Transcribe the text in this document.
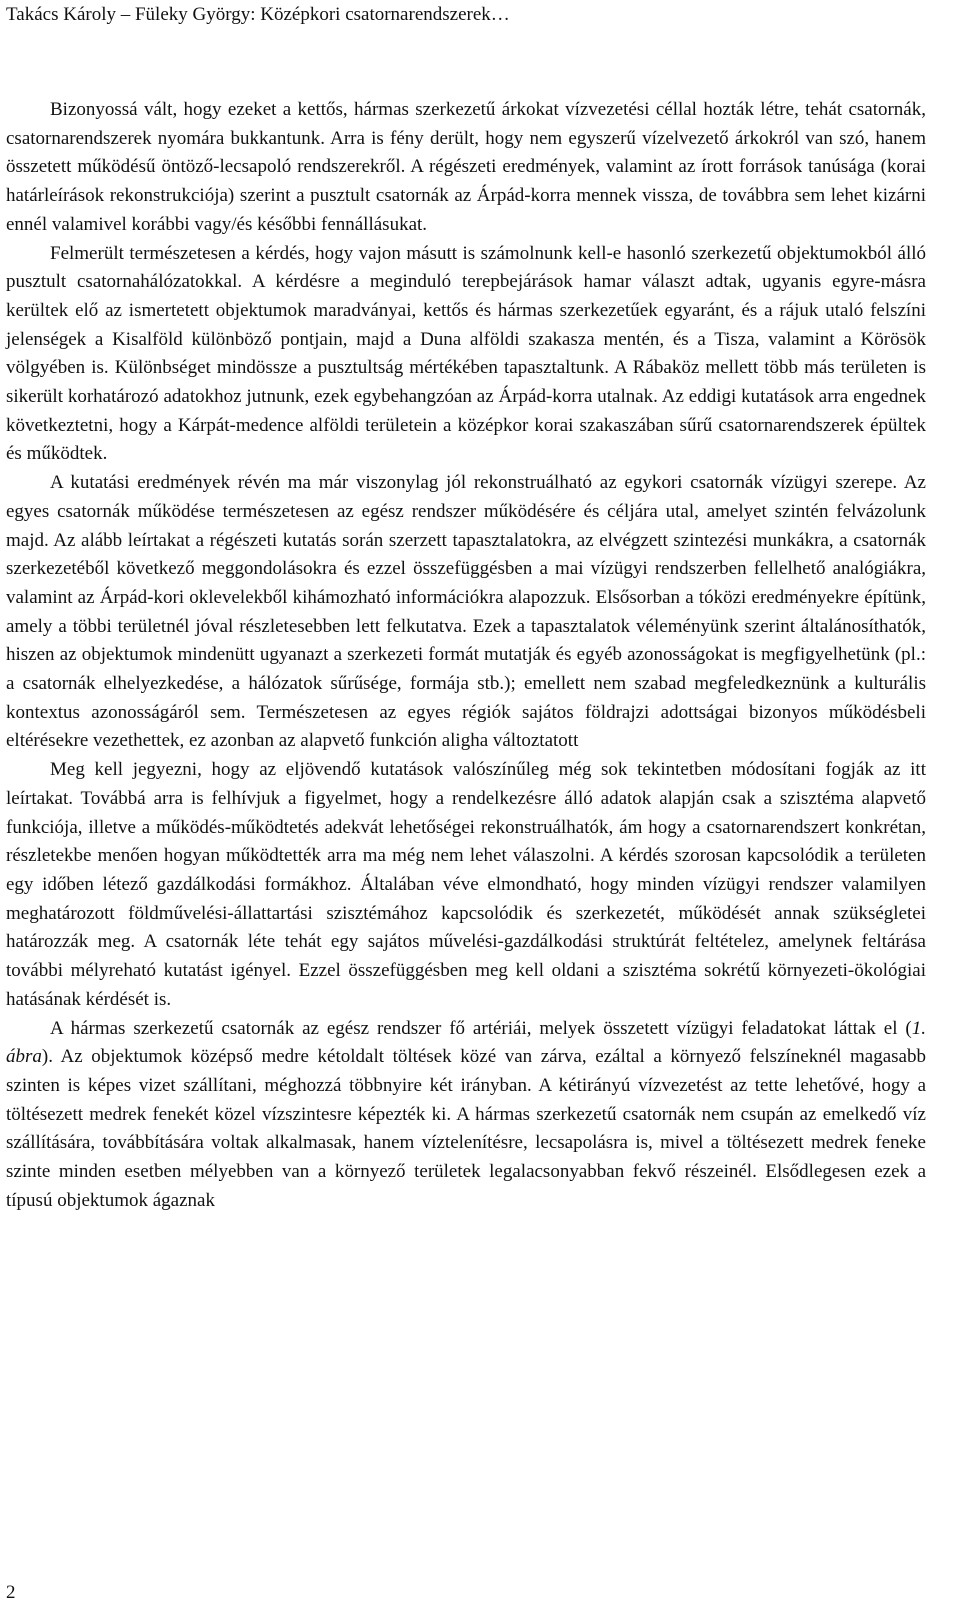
Takács Károly – Füleky György: Középkori csatornarendszerek…

Bizonyossá vált, hogy ezeket a kettős, hármas szerkezetű árkokat vízvezetési céllal hozták létre, tehát csatornák, csatornarendszerek nyomára bukkantunk. Arra is fény derült, hogy nem egyszerű vízelvezető árkokról van szó, hanem összetett működésű öntöző-lecsapoló rendszerekről. A régészeti eredmények, valamint az írott források tanúsága (korai határleírások rekonstrukciója) szerint a pusztult csatornák az Árpád-korra mennek vissza, de továbbra sem lehet kizárni ennél valamivel korábbi vagy/és későbbi fennállásukat.

Felmerült természetesen a kérdés, hogy vajon másutt is számolnunk kell-e hasonló szerkezetű objektumokból álló pusztult csatornahálózatokkal. A kérdésre a meginduló terepbejárások hamar választ adtak, ugyanis egyre-másra kerültek elő az ismertetett objektumok maradványai, kettős és hármas szerkezetűek egyaránt, és a rájuk utaló felszíni jelenségek a Kisalföld különböző pontjain, majd a Duna alföldi szakasza mentén, és a Tisza, valamint a Körösök völgyében is. Különbséget mindössze a pusztultság mértékében tapasztaltunk. A Rábaköz mellett több más területen is sikerült korhatározó adatokhoz jutnunk, ezek egybehangzóan az Árpád-korra utalnak. Az eddigi kutatások arra engednek következtetni, hogy a Kárpát-medence alföldi területein a középkor korai szakaszában sűrű csatornarendszerek épültek és működtek.

A kutatási eredmények révén ma már viszonylag jól rekonstruálható az egykori csatornák vízügyi szerepe. Az egyes csatornák működése természetesen az egész rendszer működésére és céljára utal, amelyet szintén felvázolunk majd. Az alább leírtakat a régészeti kutatás során szerzett tapasztalatokra, az elvégzett szintezési munkákra, a csatornák szerkezetéből következő meggondolásokra és ezzel összefüggésben a mai vízügyi rendszerben fellelhető analógiákra, valamint az Árpád-kori oklevelekből kihámozható információkra alapozzuk. Elsősorban a tóközi eredményekre építünk, amely a többi területnél jóval részletesebben lett felkutatva. Ezek a tapasztalatok véleményünk szerint általánosíthatók, hiszen az objektumok mindenütt ugyanazt a szerkezeti formát mutatják és egyéb azonosságokat is megfigyelhetünk (pl.: a csatornák elhelyezkedése, a hálózatok sűrűsége, formája stb.); emellett nem szabad megfeledkeznünk a kulturális kontextus azonosságáról sem. Természetesen az egyes régiók sajátos földrajzi adottságai bizonyos működésbeli eltérésekre vezethettek, ez azonban az alapvető funkción aligha változtatott

Meg kell jegyezni, hogy az eljövendő kutatások valószínűleg még sok tekintetben módosítani fogják az itt leírtakat. Továbbá arra is felhívjuk a figyelmet, hogy a rendelkezésre álló adatok alapján csak a szisztéma alapvető funkciója, illetve a működés-működtetés adekvát lehetőségei rekonstruálhatók, ám hogy a csatornarendszert konkrétan, részletekbe menően hogyan működtették arra ma még nem lehet válaszolni. A kérdés szorosan kapcsolódik a területen egy időben létező gazdálkodási formákhoz. Általában véve elmondható, hogy minden vízügyi rendszer valamilyen meghatározott földművelési-állattartási szisztémához kapcsolódik és szerkezetét, működését annak szükségletei határozzák meg. A csatornák léte tehát egy sajátos művelési-gazdálkodási struktúrát feltételez, amelynek feltárása további mélyreható kutatást igényel. Ezzel összefüggésben meg kell oldani a szisztéma sokrétű környezeti-ökológiai hatásának kérdését is.

A hármas szerkezetű csatornák az egész rendszer fő artériái, melyek összetett vízügyi feladatokat láttak el (1. ábra). Az objektumok középső medre kétoldalt töltések közé van zárva, ezáltal a környező felszíneknél magasabb szinten is képes vizet szállítani, méghozzá többnyire két irányban. A kétirányú vízvezetést az tette lehetővé, hogy a töltésezett medrek fenekét közel vízszintesre képezték ki. A hármas szerkezetű csatornák nem csupán az emelkedő víz szállítására, továbbítására voltak alkalmasak, hanem víztelenítésre, lecsapolásra is, mivel a töltésezett medrek feneke szinte minden esetben mélyebben van a környező területek legalacsonyabban fekvő részeinél. Elsődlegesen ezek a típusú objektumok ágaznak

2
